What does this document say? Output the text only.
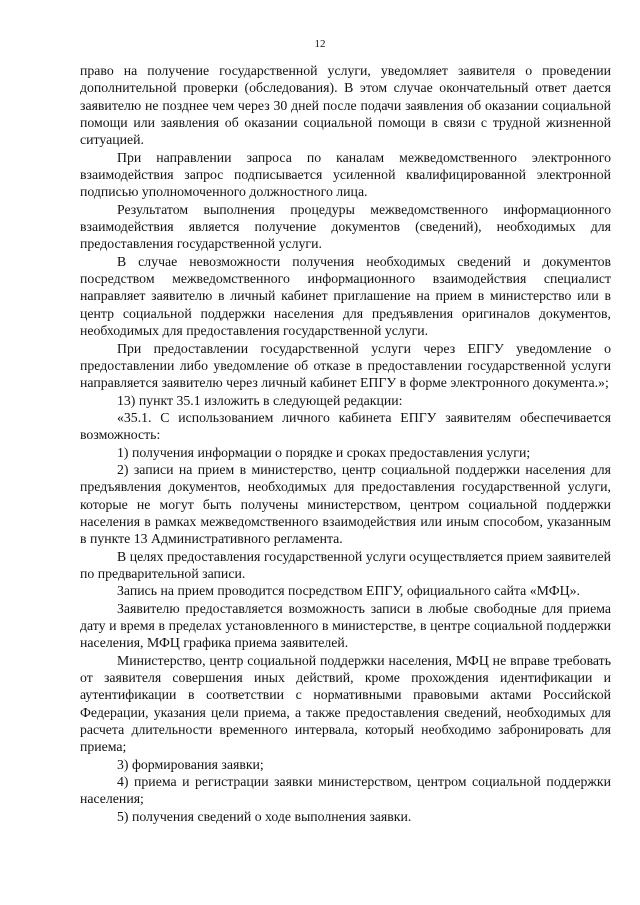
12

право на получение государственной услуги, уведомляет заявителя о проведении дополнительной проверки (обследования). В этом случае окончательный ответ дается заявителю не позднее чем через 30 дней после подачи заявления об оказании социальной помощи или заявления об оказании социальной помощи в связи с трудной жизненной ситуацией.

При направлении запроса по каналам межведомственного электронного взаимодействия запрос подписывается усиленной квалифицированной электронной подписью уполномоченного должностного лица.

Результатом выполнения процедуры межведомственного информационного взаимодействия является получение документов (сведений), необходимых для предоставления государственной услуги.

В случае невозможности получения необходимых сведений и документов посредством межведомственного информационного взаимодействия специалист направляет заявителю в личный кабинет приглашение на прием в министерство или в центр социальной поддержки населения для предъявления оригиналов документов, необходимых для предоставления государственной услуги.

При предоставлении государственной услуги через ЕПГУ уведомление о предоставлении либо уведомление об отказе в предоставлении государственной услуги направляется заявителю через личный кабинет ЕПГУ в форме электронного документа.»;

13) пункт 35.1 изложить в следующей редакции:

«35.1. С использованием личного кабинета ЕПГУ заявителям обеспечивается возможность:

1) получения информации о порядке и сроках предоставления услуги;

2) записи на прием в министерство, центр социальной поддержки населения для предъявления документов, необходимых для предоставления государственной услуги, которые не могут быть получены министерством, центром социальной поддержки населения в рамках межведомственного взаимодействия или иным способом, указанным в пункте 13 Административного регламента.

В целях предоставления государственной услуги осуществляется прием заявителей по предварительной записи.

Запись на прием проводится посредством ЕПГУ, официального сайта «МФЦ».

Заявителю предоставляется возможность записи в любые свободные для приема дату и время в пределах установленного в министерстве, в центре социальной поддержки населения, МФЦ графика приема заявителей.

Министерство, центр социальной поддержки населения, МФЦ не вправе требовать от заявителя совершения иных действий, кроме прохождения идентификации и аутентификации в соответствии с нормативными правовыми актами Российской Федерации, указания цели приема, а также предоставления сведений, необходимых для расчета длительности временного интервала, который необходимо забронировать для приема;

3) формирования заявки;

4) приема и регистрации заявки министерством, центром социальной поддержки населения;

5) получения сведений о ходе выполнения заявки.
